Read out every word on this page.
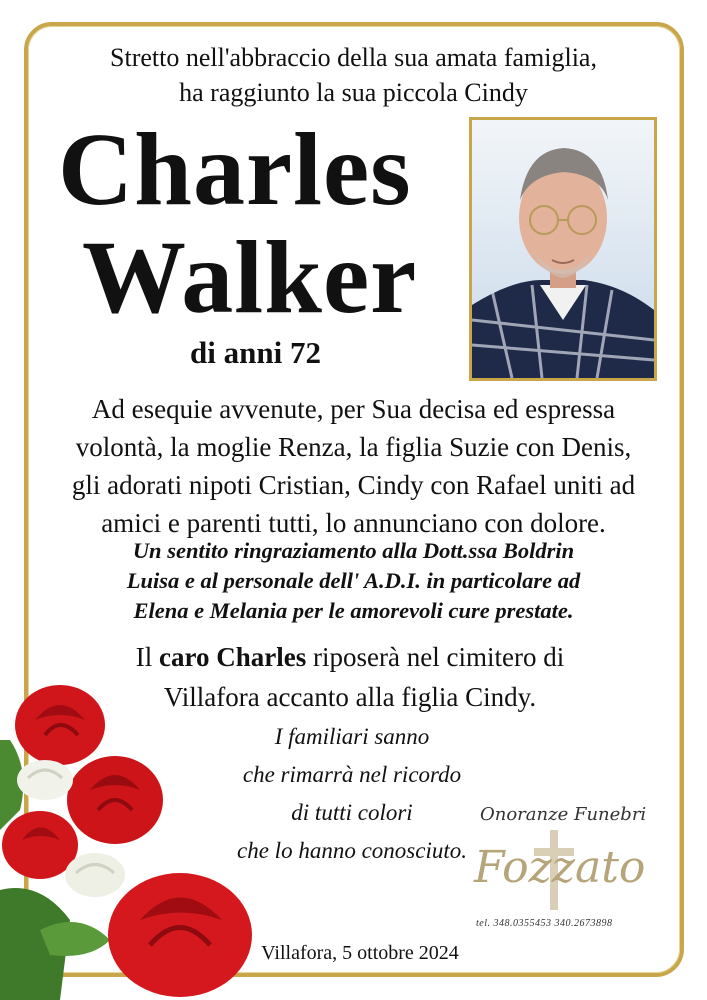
Stretto nell'abbraccio della sua amata famiglia,
ha raggiunto la sua piccola Cindy
Charles
Walker
di anni 72
Ad esequie avvenute, per Sua decisa ed espressa
volontà, la moglie Renza, la figlia Suzie con Denis,
gli adorati nipoti Cristian, Cindy con Rafael uniti ad
amici e parenti tutti, lo annunciano con dolore.
Un sentito ringraziamento alla Dott.ssa Boldrin
Luisa e al personale dell' A.D.I. in particolare ad
Elena e Melania per le amorevoli cure prestate.
Il caro Charles riposerà nel cimitero di
Villafora accanto alla figlia Cindy.
I familiari sanno
che rimarrà nel ricordo
di tutti colori
che lo hanno conosciuto.
Onoranze Funebri
Fozzato
tel. 348.0355453 340.2673898
Villafora, 5 ottobre 2024
